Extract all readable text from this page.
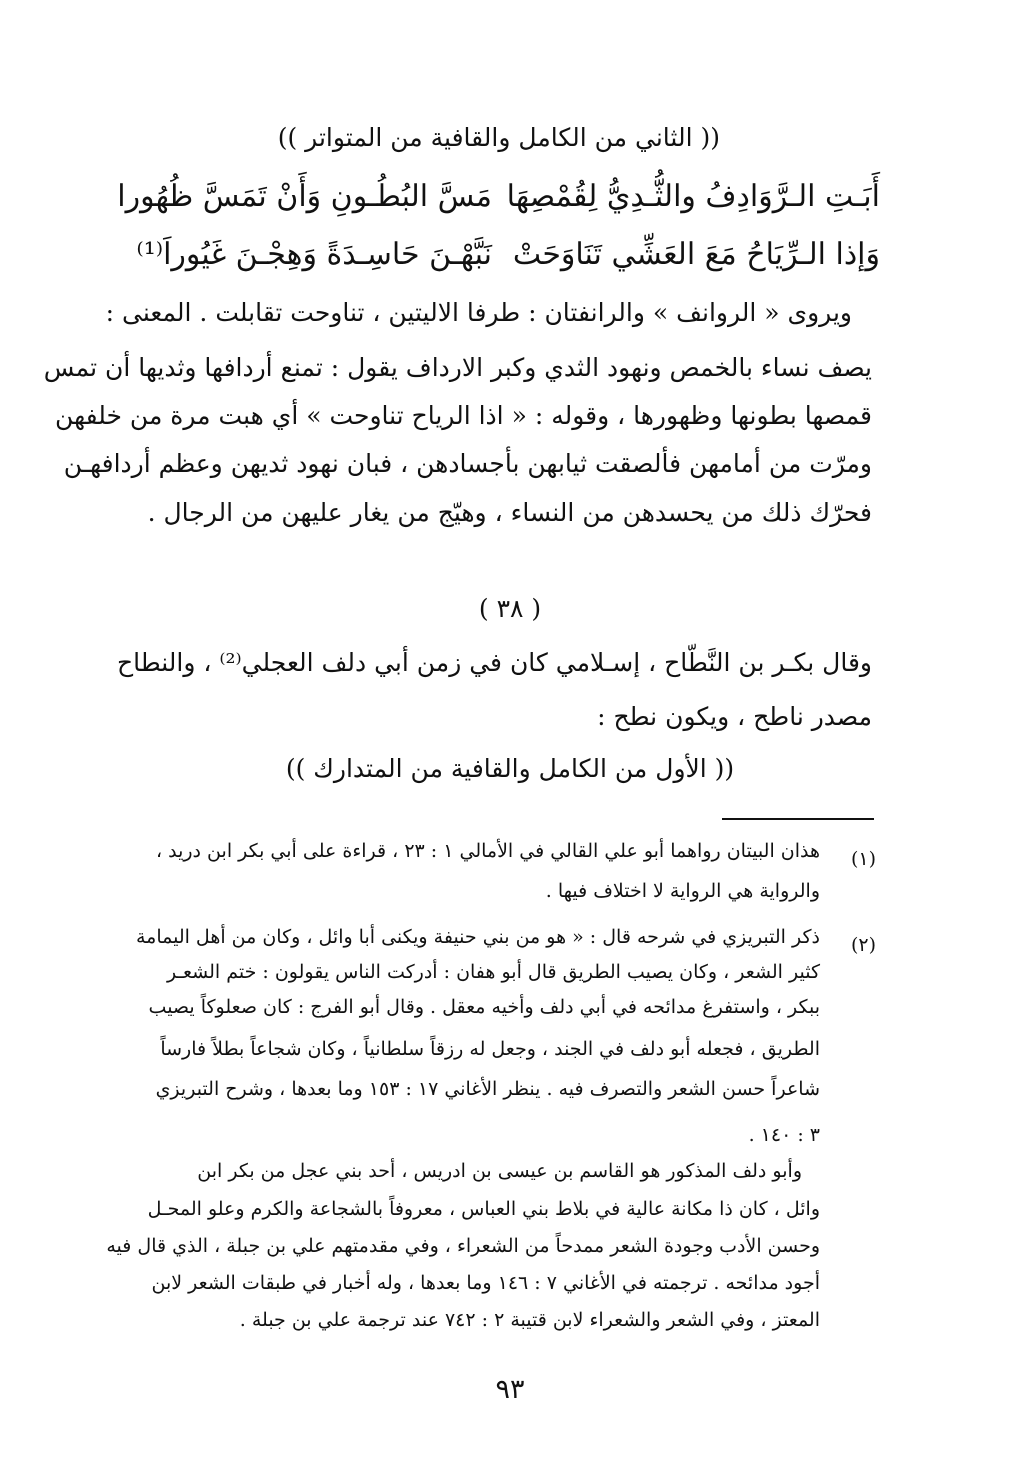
(( الثاني من الكامل والقافية من المتواتر ))
أَبَـتِ الـرَّوَادِفُ والثُّـدِيُّ لِقُمْصِهَا
مَسَّ البُطُـونِ وَأَنْ تَمَسَّ ظُهُورا
وَإذا الـرِّيَاحُ مَعَ العَشِّي تَنَاوَحَتْ
نَبَّهْـنَ حَاسِـدَةً وَهِجْـنَ غَيُوراَ⁽¹⁾
ويروى « الروانف » والرانفتان : طرفا الاليتين ، تناوحت تقابلت . المعنى :
يصف نساء بالخمص ونهود الثدي وكبر الارداف يقول : تمنع أردافها وثديها أن تمس
قمصها بطونها وظهورها ، وقوله : « اذا الرياح تناوحت » أي هبت مرة من خلفهن
ومرّت من أمامهن فألصقت ثيابهن بأجسادهن ، فبان نهود ثديهن وعظم أردافهـن
فحرّك ذلك من يحسدهن من النساء ، وهيّج من يغار عليهن من الرجال .
( ٣٨ )
وقال بكـر بن النَّطّاح ، إسـلامي كان في زمن أبي دلف العجلي⁽²⁾ ، والنطاح
مصدر ناطح ، ويكون نطح :
(( الأول من الكامل والقافية من المتدارك ))
(١)
هذان البيتان رواهما أبو علي القالي في الأمالي ١ : ٢٣ ، قراءة على أبي بكر ابن دريد ،
والرواية هي الرواية لا اختلاف فيها .
(٢)
ذكر التبريزي في شرحه قال : « هو من بني حنيفة ويكنى أبا وائل ، وكان من أهل اليمامة
كثير الشعر ، وكان يصيب الطريق قال أبو هفان : أدركت الناس يقولون : ختم الشعـر
ببكر ، واستفرغ مدائحه في أبي دلف وأخيه معقل . وقال أبو الفرج : كان صعلوكاً يصيب
الطريق ، فجعله أبو دلف في الجند ، وجعل له رزقاً سلطانياً ، وكان شجاعاً بطلاً فارساً
شاعراً حسن الشعر والتصرف فيه . ينظر الأغاني ١٧ : ١٥٣ وما بعدها ، وشرح التبريزي
٣ : ١٤٠ .
وأبو دلف المذكور هو القاسم بن عيسى بن ادريس ، أحد بني عجل من بكر ابن
وائل ، كان ذا مكانة عالية في بلاط بني العباس ، معروفاً بالشجاعة والكرم وعلو المحـل
وحسن الأدب وجودة الشعر ممدحاً من الشعراء ، وفي مقدمتهم علي بن جبلة ، الذي قال فيه
أجود مدائحه . ترجمته في الأغاني ٧ : ١٤٦ وما بعدها ، وله أخبار في طبقات الشعر لابن
المعتز ، وفي الشعر والشعراء لابن قتيبة ٢ : ٧٤٢ عند ترجمة علي بن جبلة .
٩٣
